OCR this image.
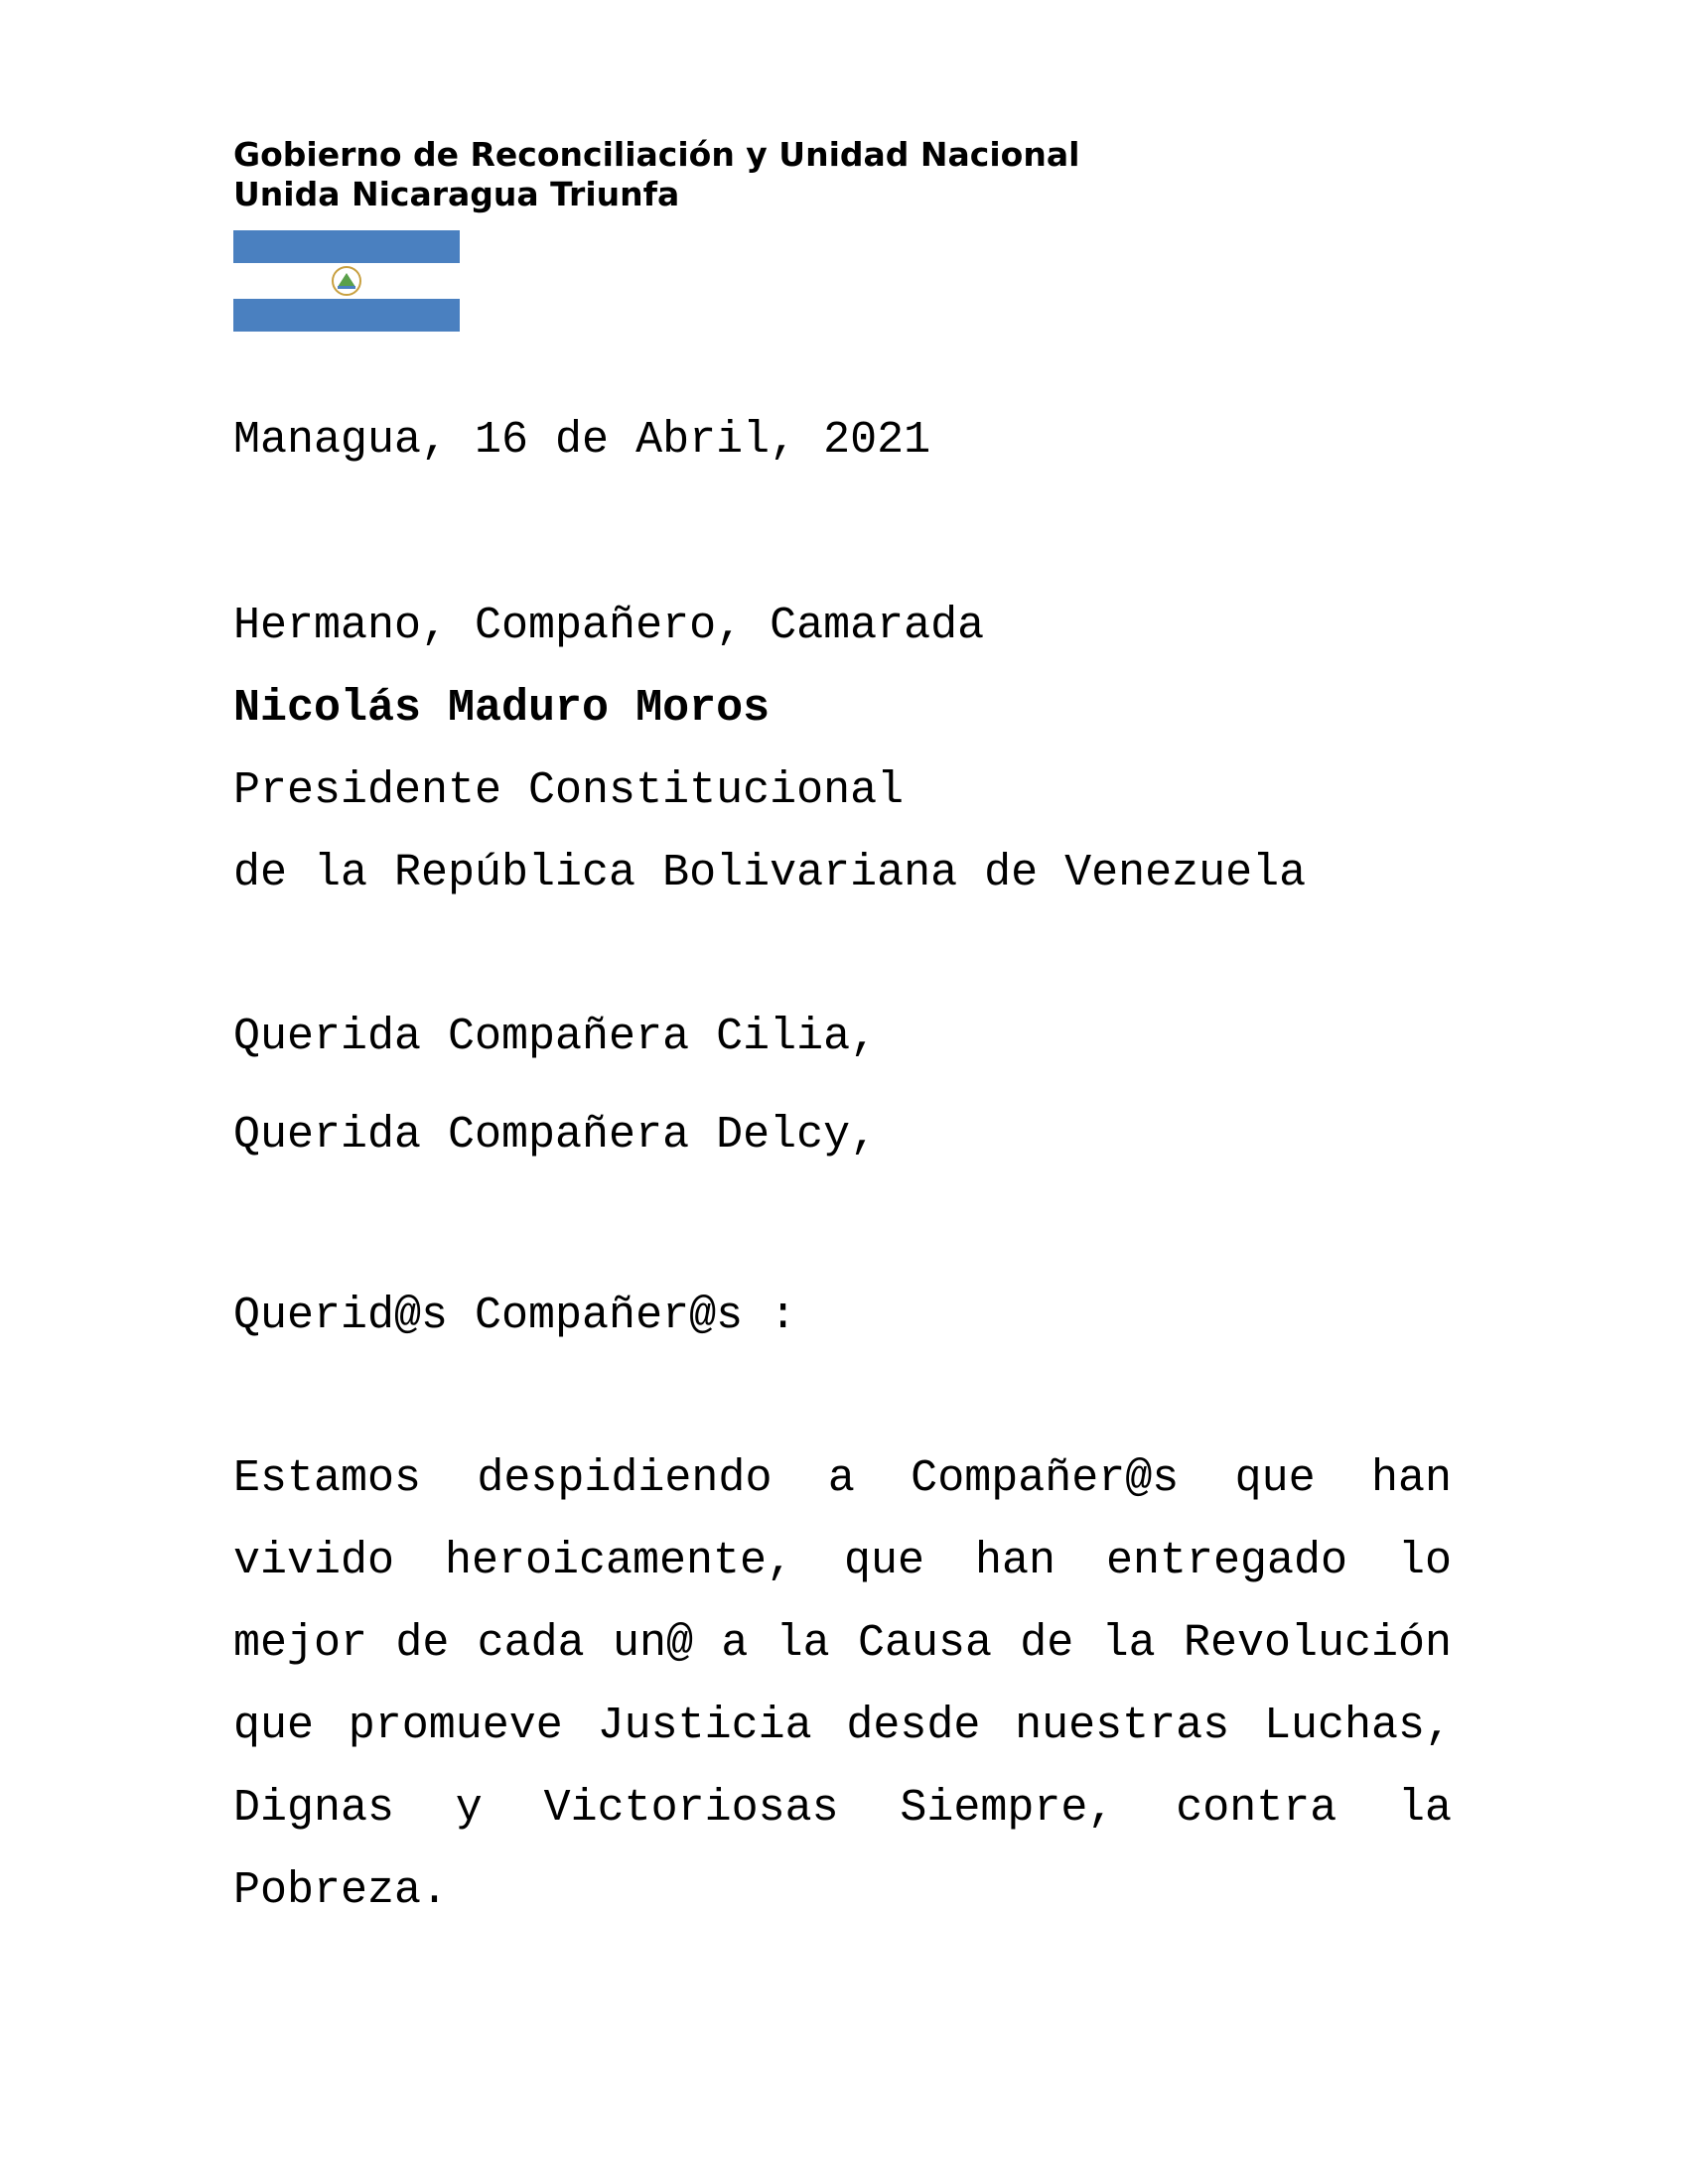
Gobierno de Reconciliación y Unidad Nacional
Unida Nicaragua Triunfa
Managua, 16 de Abril, 2021
Hermano, Compañero, Camarada
Nicolás Maduro Moros
Presidente Constitucional
de la República Bolivariana de Venezuela
Querida Compañera Cilia,
Querida Compañera Delcy,
Querid@s Compañer@s :
Estamos despidiendo a Compañer@s que han vivido heroicamente, que han entregado lo mejor de cada un@ a la Causa de la Revolución que promueve Justicia desde nuestras Luchas, Dignas y Victoriosas Siempre, contra la Pobreza.
